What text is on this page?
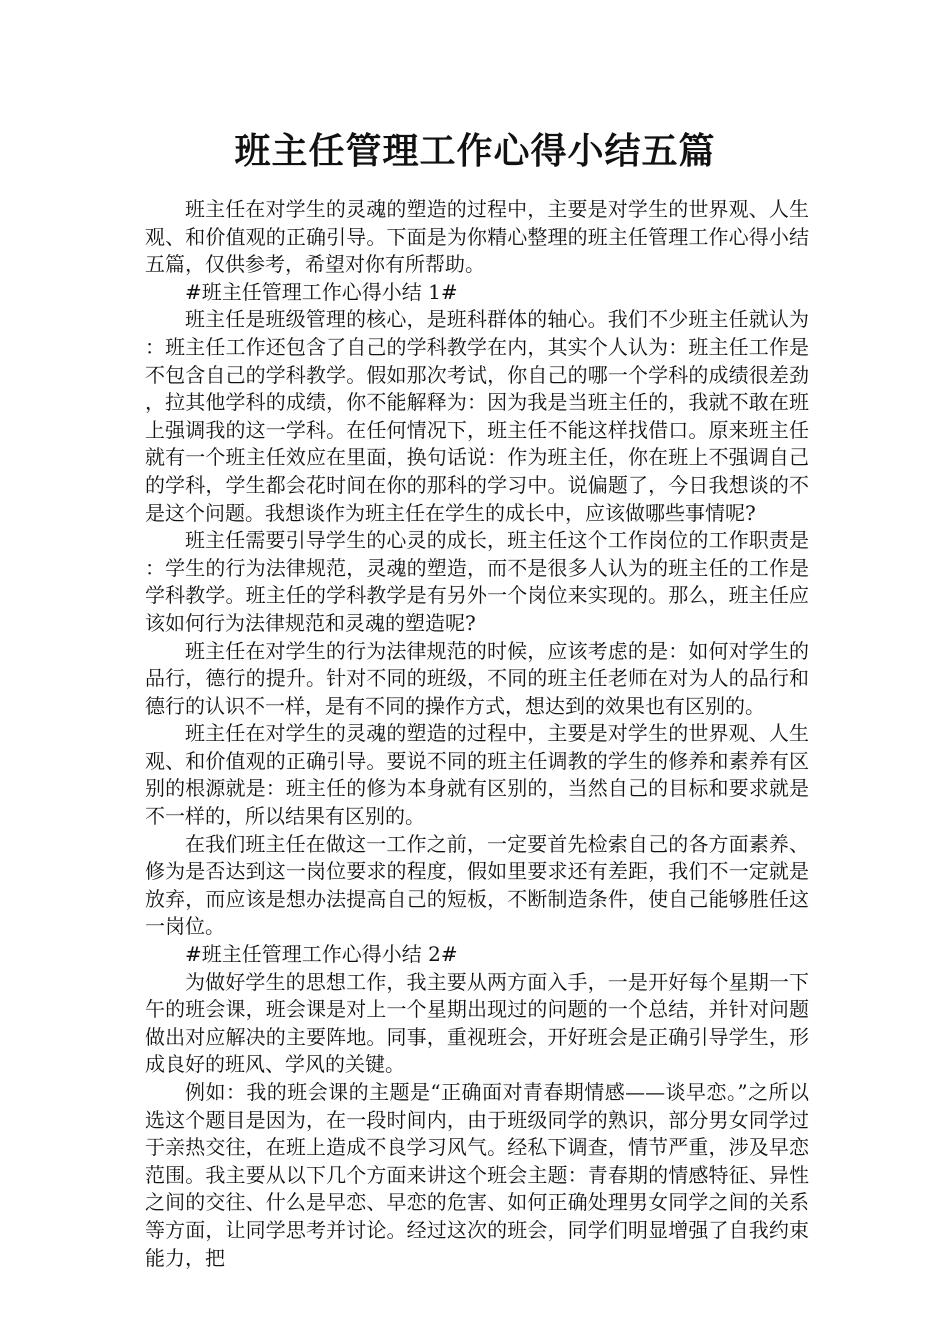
班主任管理工作心得小结五篇

班主任在对学生的灵魂的塑造的过程中，主要是对学生的世界观、人生观、和价值观的正确引导。下面是为你精心整理的班主任管理工作心得小结五篇，仅供参考，希望对你有所帮助。

#班主任管理工作心得小结 1#

班主任是班级管理的核心，是班科群体的轴心。我们不少班主任就认为：班主任工作还包含了自己的学科教学在内，其实个人认为：班主任工作是不包含自己的学科教学。假如那次考试，你自己的哪一个学科的成绩很差劲，拉其他学科的成绩，你不能解释为：因为我是当班主任的，我就不敢在班上强调我的这一学科。在任何情况下，班主任不能这样找借口。原来班主任就有一个班主任效应在里面，换句话说：作为班主任，你在班上不强调自己的学科，学生都会花时间在你的那科的学习中。说偏题了，今日我想谈的不是这个问题。我想谈作为班主任在学生的成长中，应该做哪些事情呢?

班主任需要引导学生的心灵的成长，班主任这个工作岗位的工作职责是：学生的行为法律规范，灵魂的塑造，而不是很多人认为的班主任的工作是学科教学。班主任的学科教学是有另外一个岗位来实现的。那么，班主任应该如何行为法律规范和灵魂的塑造呢?

班主任在对学生的行为法律规范的时候，应该考虑的是：如何对学生的品行，德行的提升。针对不同的班级，不同的班主任老师在对为人的品行和德行的认识不一样，是有不同的操作方式，想达到的效果也有区别的。

班主任在对学生的灵魂的塑造的过程中，主要是对学生的世界观、人生观、和价值观的正确引导。要说不同的班主任调教的学生的修养和素养有区别的根源就是：班主任的修为本身就有区别的，当然自己的目标和要求就是不一样的，所以结果有区别的。

在我们班主任在做这一工作之前，一定要首先检索自己的各方面素养、修为是否达到这一岗位要求的程度，假如里要求还有差距，我们不一定就是放弃，而应该是想办法提高自己的短板，不断制造条件，使自己能够胜任这一岗位。

#班主任管理工作心得小结 2#

为做好学生的思想工作，我主要从两方面入手，一是开好每个星期一下午的班会课，班会课是对上一个星期出现过的问题的一个总结，并针对问题做出对应解决的主要阵地。同事，重视班会，开好班会是正确引导学生，形成良好的班风、学风的关键。

例如：我的班会课的主题是“正确面对青春期情感——谈早恋。”之所以选这个题目是因为，在一段时间内，由于班级同学的熟识，部分男女同学过于亲热交往，在班上造成不良学习风气。经私下调查，情节严重，涉及早恋范围。我主要从以下几个方面来讲这个班会主题：青春期的情感特征、异性之间的交往、什么是早恋、早恋的危害、如何正确处理男女同学之间的关系等方面，让同学思考并讨论。经过这次的班会，同学们明显增强了自我约束能力，把
